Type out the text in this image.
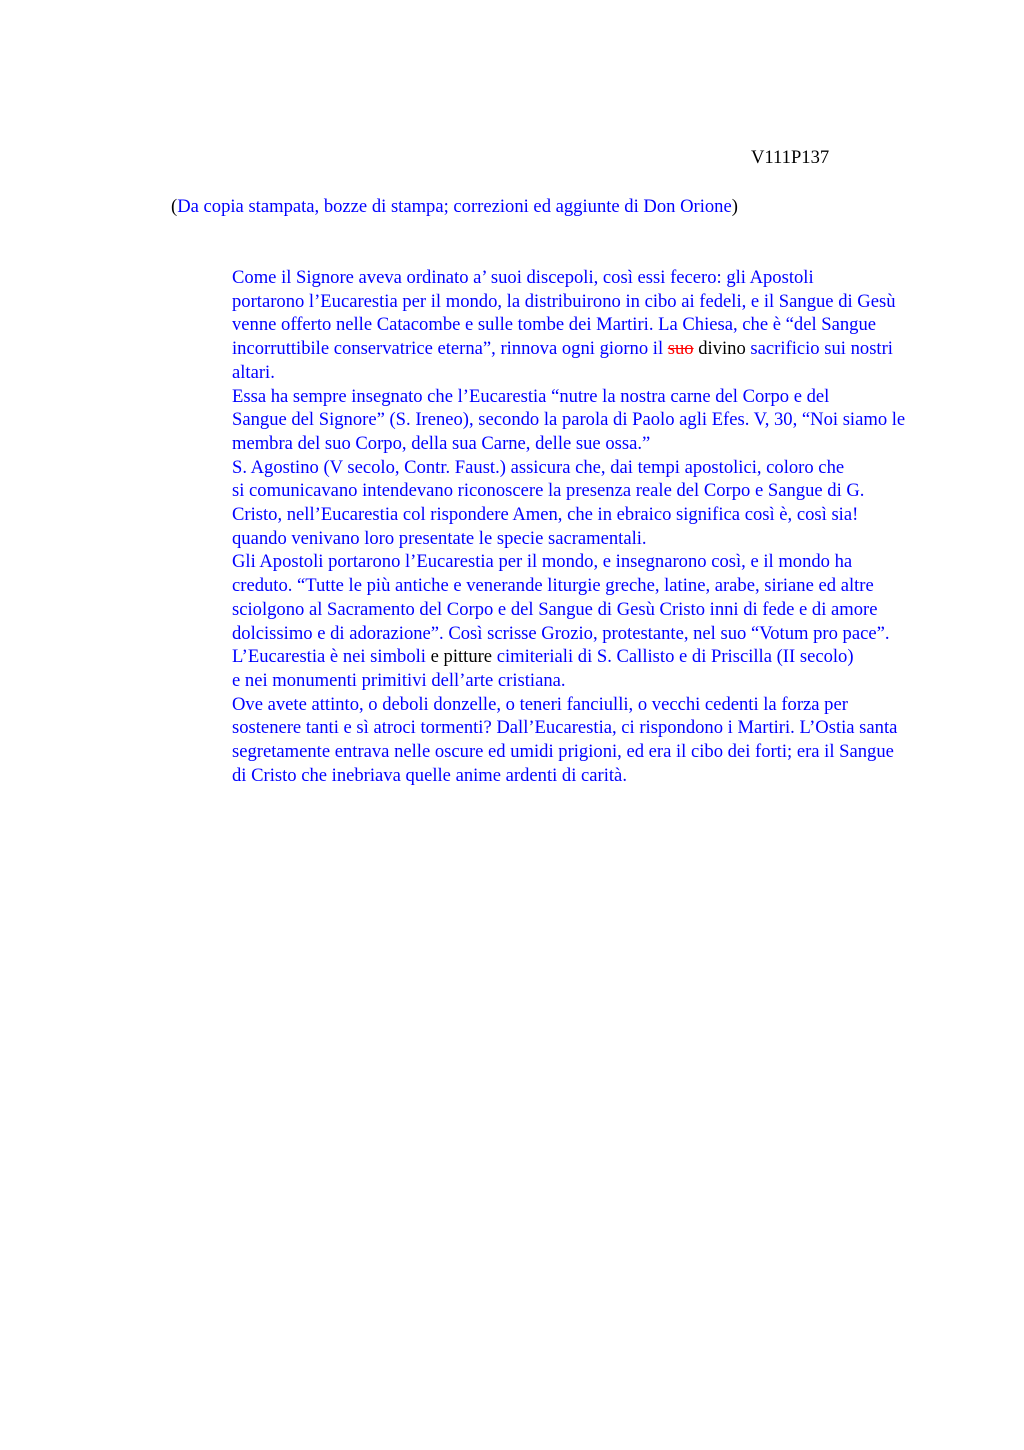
V111P137

(Da copia stampata, bozze di stampa; correzioni ed aggiunte di Don Orione)

Come il Signore aveva ordinato a’ suoi discepoli, così essi fecero: gli Apostoli
portarono l’Eucarestia per il mondo, la distribuirono in cibo ai fedeli, e il Sangue di Gesù
venne offerto nelle Catacombe e sulle tombe dei Martiri. La Chiesa, che è “del Sangue
incorruttibile conservatrice eterna”, rinnova ogni giorno il suo divino sacrificio sui nostri
altari.

Essa ha sempre insegnato che l’Eucarestia “nutre la nostra carne del Corpo e del
Sangue del Signore” (S. Ireneo), secondo la parola di Paolo agli Efes. V, 30, “Noi siamo le
membra del suo Corpo, della sua Carne, delle sue ossa.”

S. Agostino (V secolo, Contr. Faust.) assicura che, dai tempi apostolici, coloro che
si comunicavano intendevano riconoscere la presenza reale del Corpo e Sangue di G.
Cristo, nell’Eucarestia col rispondere Amen, che in ebraico significa così è, così sia!
quando venivano loro presentate le specie sacramentali.

Gli Apostoli portarono l’Eucarestia per il mondo, e insegnarono così, e il mondo ha
creduto. “Tutte le più antiche e venerande liturgie greche, latine, arabe, siriane ed altre
sciolgono al Sacramento del Corpo e del Sangue di Gesù Cristo inni di fede e di amore
dolcissimo e di adorazione”. Così scrisse Grozio, protestante, nel suo “Votum pro pace”.

L’Eucarestia è nei simboli e pitture cimiteriali di S. Callisto e di Priscilla (II secolo)
e nei monumenti primitivi dell’arte cristiana.

Ove avete attinto, o deboli donzelle, o teneri fanciulli, o vecchi cedenti la forza per
sostenere tanti e sì atroci tormenti? Dall’Eucarestia, ci rispondono i Martiri. L’Ostia santa
segretamente entrava nelle oscure ed umidi prigioni, ed era il cibo dei forti; era il Sangue
di Cristo che inebriava quelle anime ardenti di carità.
